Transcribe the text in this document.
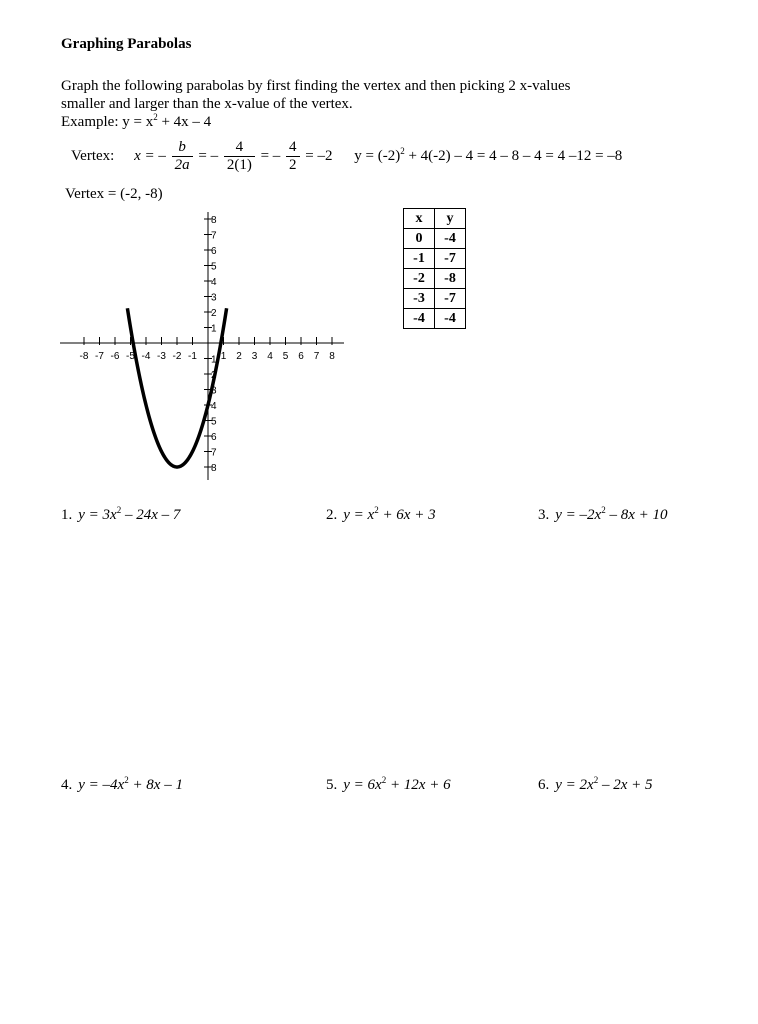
Graphing Parabolas
Graph the following parabolas by first finding the vertex and then picking 2 x-values
smaller and larger than the x-value of the vertex.
Example: $y = x^2 + 4x - 4$
Vertex: x = – $\frac{b}{2a}$ = – $\frac{4}{2(1)}$ = – $\frac{4}{2} = -2$ $y = (-2)^2 + 4(-2) - 4 = 4 - 8 - 4 = 4$ –12 = –8
Vertex = (-2, -8)
-8 -7 -6 -5 -4 -3 -2 -1 1 2 3 4 5 6 7 8
8
7
6
5
4
3
2
1
1
2
3
4
5
6
7
8
x	y
0	-4
-1	-7
-2	-8
-3	-7
-4	-4
1. $y = 3x^2 - 24x - 7$	2. $y = x^2 + 6x + 3$	3. $y = -2x^2 - 8x + 10$
4. $y = -4x^2 + 8x - 1$	5. $y = 6x^2 + 12x + 6$	6. $y = 2x^2 - 2x + 5$
